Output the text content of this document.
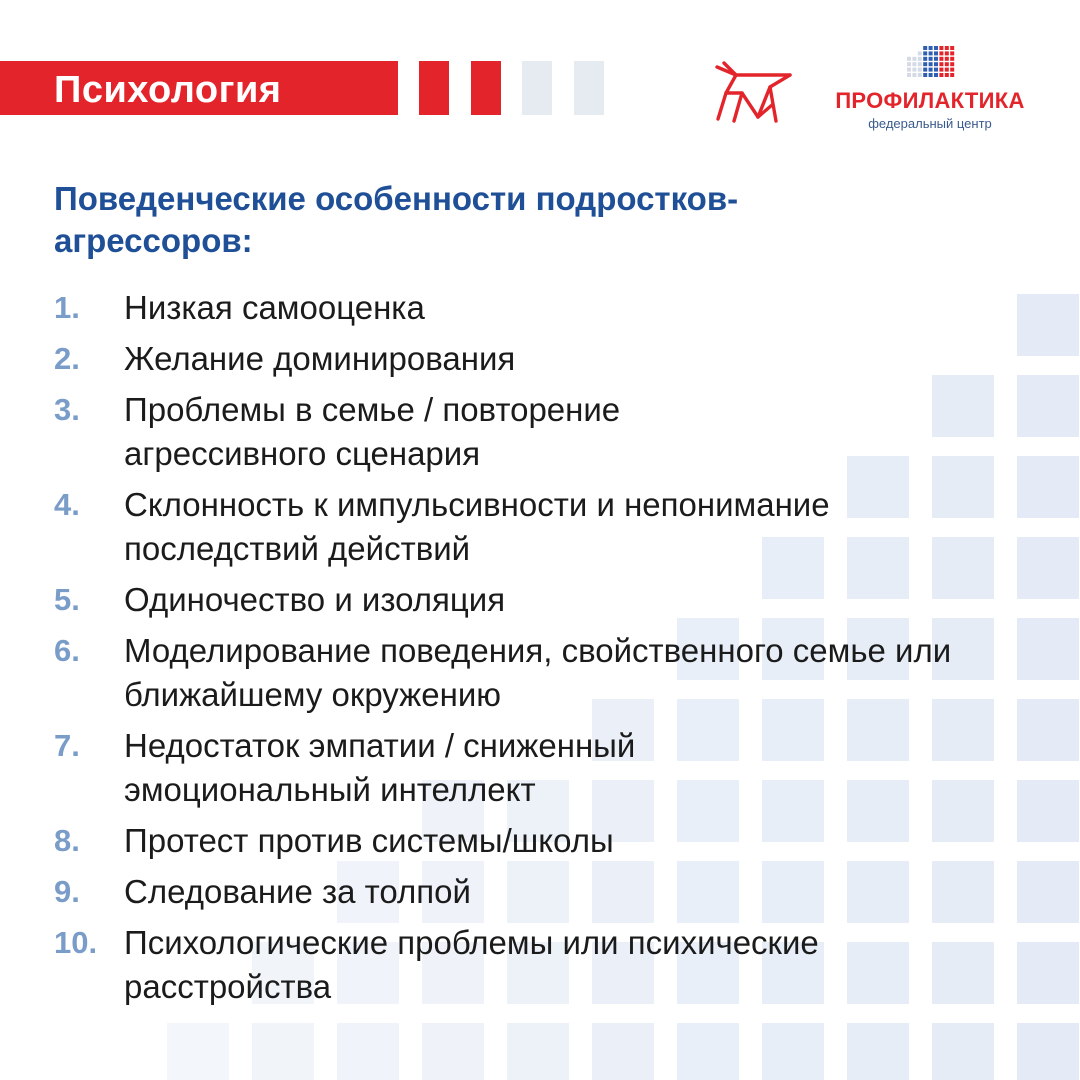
Психология	ПРОФИЛАКТИКА
федеральный центр
Поведенческие особенности подростков-агрессоров:
1.	Низкая самооценка
2.	Желание доминирования
3.	Проблемы в семье / повторение агрессивного сценария
4.	Склонность к импульсивности и непонимание последствий действий
5.	Одиночество и изоляция
6.	Моделирование поведения, свойственного семье или ближайшему окружению
7.	Недостаток эмпатии / сниженный эмоциональный интеллект
8.	Протест против системы/школы
9.	Следование за толпой
10. Психологические проблемы или психические расстройства
